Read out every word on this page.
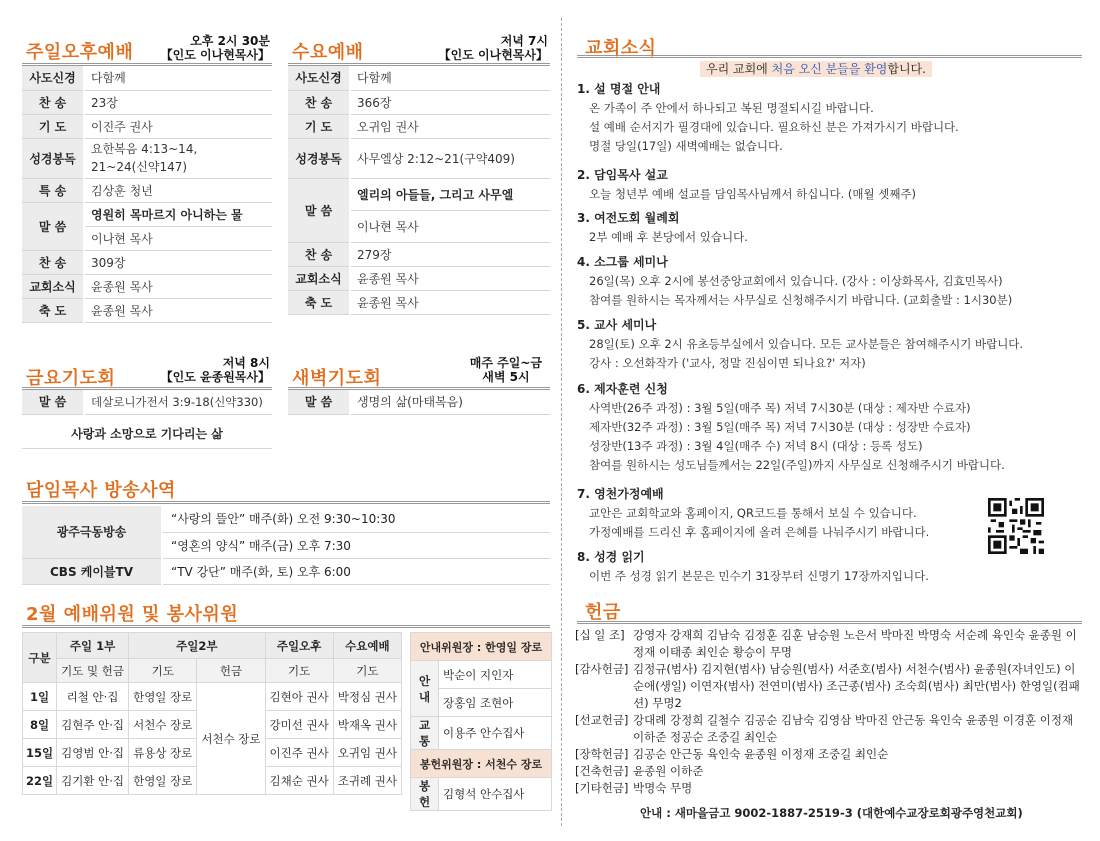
주일오후예배
오후 2시 30분
【인도 이나현목사】
사도신경	다함께
찬 송	23장
기 도	이진주 권사
성경봉독	요한복음 4:13~14, 21~24(신약147)
특 송	김상훈 청년
말 씀	영원히 목마르지 아니하는 물
	이나현 목사
찬 송	309장
교회소식	윤종원 목사
축 도	윤종원 목사
수요예배
저녁 7시
【인도 이나현목사】
사도신경	다함께
찬 송	366장
기 도	오귀임 권사
성경봉독	사무엘상 2:12~21(구약409)
말 씀	엘리의 아들들, 그리고 사무엘
	이나현 목사
찬 송	279장
교회소식	윤종원 목사
축 도	윤종원 목사
금요기도회
저녁 8시
【인도 윤종원목사】
말 씀	데살로니가전서 3:9-18(신약330)
사랑과 소망으로 기다리는 삶
새벽기도회
매주 주일~금
새벽 5시
말 씀	생명의 삶(마태복음)
담임목사 방송사역
광주극동방송	“사랑의 뜰안” 매주(화) 오전 9:30~10:30
	“영혼의 양식” 매주(금) 오후 7:30
CBS 케이블TV	“TV 강단” 매주(화, 토) 오후 6:00
2월 예배위원 및 봉사위원
구분	주일 1부	주일2부		주일오후	수요예배
	기도 및 헌금	기도	헌금	기도	기도
1일	리철 안·집	한영일 장로	서천수 장로	김현아 권사	박정심 권사
8일	김현주 안·집	서천수 장로		강미선 권사	박재옥 권사
15일	김영범 안·집	류용상 장로		이진주 권사	오귀임 권사
22일	김기환 안·집	한영일 장로		김채순 권사	조귀례 권사
안내위원장 : 한영일 장로	
안내	박순이 지인자
	장홍임 조현아
교통	이용주 안수집사
봉헌위원장 : 서천수 장로	
봉헌	김형석 안수집사
교회소식
우리 교회에 처음 오신 분들을 환영합니다.
1. 설 명절 안내
온 가족이 주 안에서 하나되고 복된 명절되시길 바랍니다.
설 예배 순서지가 필경대에 있습니다. 필요하신 분은 가져가시기 바랍니다.
명절 당일(17일) 새벽예배는 없습니다.
2. 담임목사 설교
오늘 청년부 예배 설교를 담임목사님께서 하십니다. (매월 셋째주)
3. 여전도회 월례회
2부 예배 후 본당에서 있습니다.
4. 소그룹 세미나
26일(목) 오후 2시에 봉선중앙교회에서 있습니다. (강사 : 이상화목사, 김효민목사)
참여를 원하시는 목자께서는 사무실로 신청해주시기 바랍니다. (교회출발 : 1시30분)
5. 교사 세미나
28일(토) 오후 2시 유초등부실에서 있습니다. 모든 교사분들은 참여해주시기 바랍니다.
강사 : 오선화작가 ('교사, 정말 진심이면 되나요?' 저자)
6. 제자훈련 신청
사역반(26주 과정) : 3월 5일(매주 목) 저녁 7시30분 (대상 : 제자반 수료자)
제자반(32주 과정) : 3월 5일(매주 목) 저녁 7시30분 (대상 : 성장반 수료자)
성장반(13주 과정) : 3월 4일(매주 수) 저녁 8시 (대상 : 등록 성도)
참여를 원하시는 성도님들께서는 22일(주일)까지 사무실로 신청해주시기 바랍니다.
7. 영천가정예배
교안은 교회학교와 홈페이지, QR코드를 통해서 보실 수 있습니다.
가정예배를 드리신 후 홈페이지에 올려 은혜를 나눠주시기 바랍니다.
8. 성경 읽기
이번 주 성경 읽기 본문은 민수기 31장부터 신명기 17장까지입니다.
헌금
[십 일 조] 강영자 강재희 김남숙 김정훈 김훈 남승원 노은서 박마진 박명숙 서순례 육인숙 윤종원 이정재 이태종 최인순 황승이 무명
[감사헌금] 김정규(범사) 김지현(범사) 남승원(범사) 서준호(범사) 서천수(범사) 윤종원(자녀인도) 이순애(생일) 이연자(범사) 전연미(범사) 조근종(범사) 조숙희(범사) 최만(범사) 한영일(컴패션) 무명2
[선교헌금] 강대례 강정희 길철수 김공순 김남숙 김영삼 박마진 안근동 육인숙 윤종원 이경훈 이정재 이하준 정공순 조중길 최인순
[장학헌금] 김공순 안근동 육인숙 윤종원 이정재 조중길 최인순
[건축헌금] 윤종원 이하준
[기타헌금] 박명숙 무명
안내 : 새마을금고 9002-1887-2519-3 (대한예수교장로회광주영천교회)
